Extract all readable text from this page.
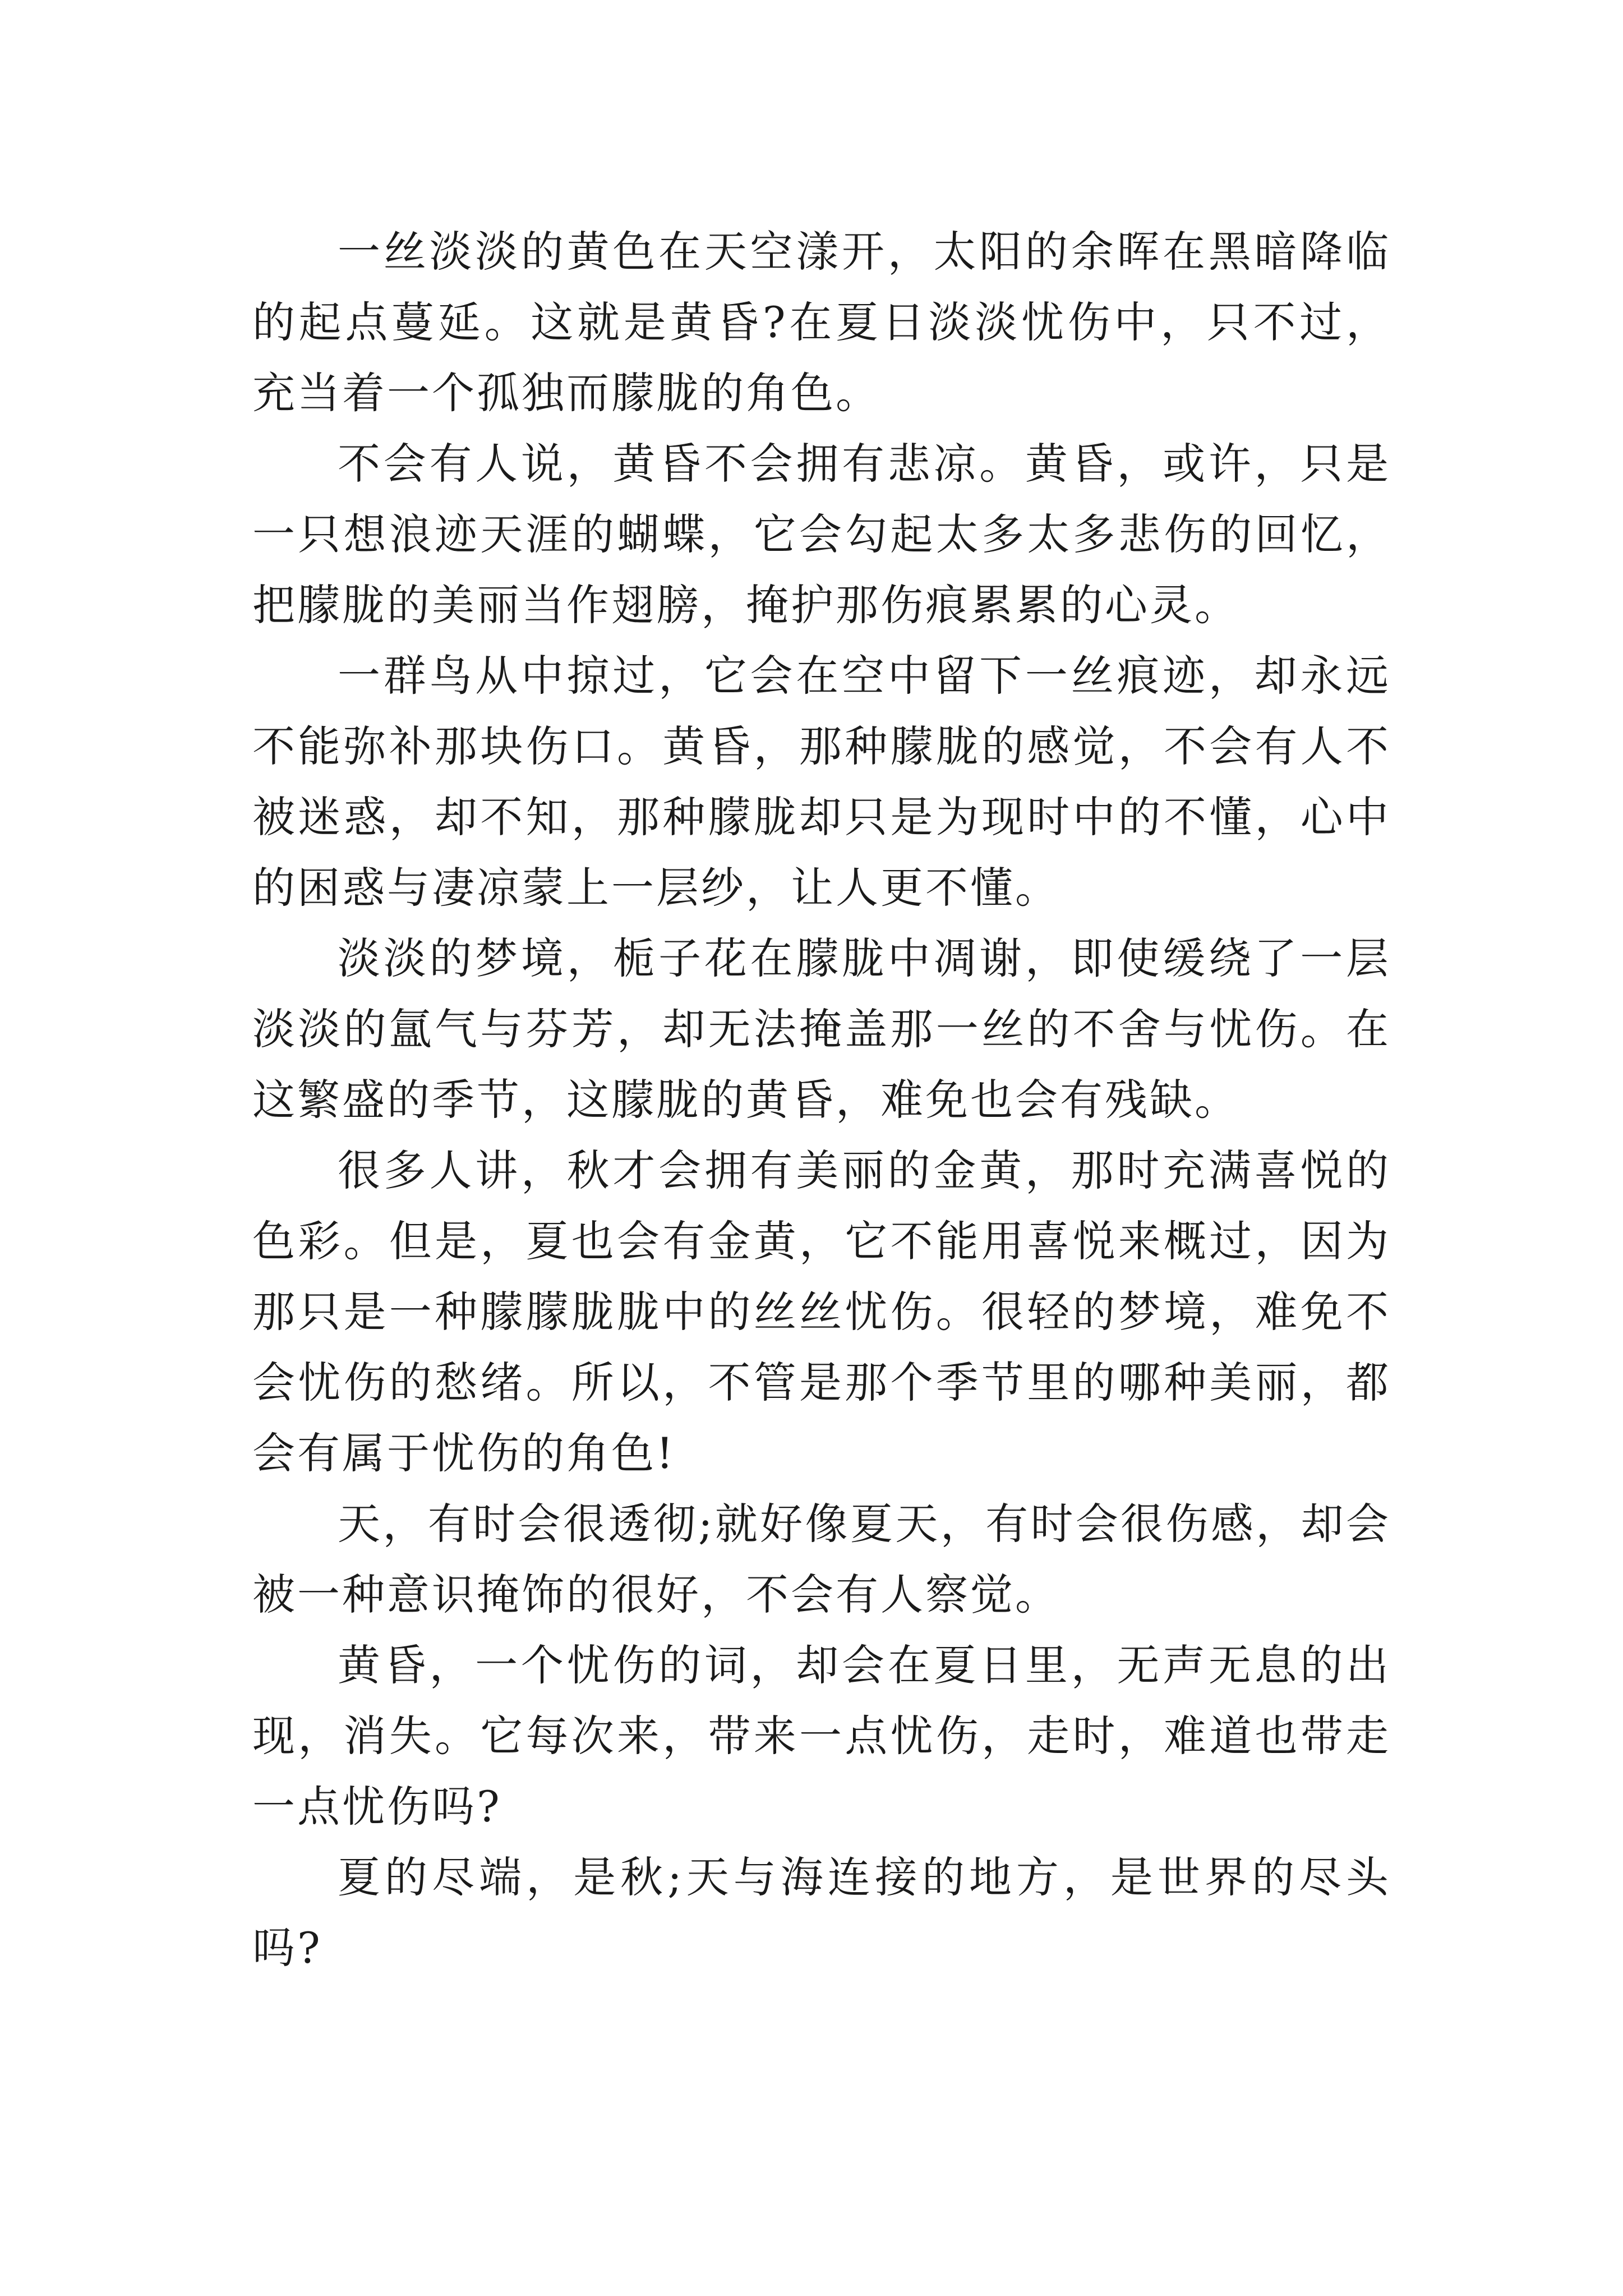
一丝淡淡的黄色在天空漾开，太阳的余晖在黑暗降临的起点蔓延。这就是黄昏?在夏日淡淡忧伤中，只不过，充当着一个孤独而朦胧的角色。

不会有人说，黄昏不会拥有悲凉。黄昏，或许，只是一只想浪迹天涯的蝴蝶，它会勾起太多太多悲伤的回忆，把朦胧的美丽当作翅膀，掩护那伤痕累累的心灵。

一群鸟从中掠过，它会在空中留下一丝痕迹，却永远不能弥补那块伤口。黄昏，那种朦胧的感觉，不会有人不被迷惑，却不知，那种朦胧却只是为现时中的不懂，心中的困惑与凄凉蒙上一层纱，让人更不懂。

淡淡的梦境，栀子花在朦胧中凋谢，即使缓绕了一层淡淡的氲气与芬芳，却无法掩盖那一丝的不舍与忧伤。在这繁盛的季节，这朦胧的黄昏，难免也会有残缺。

很多人讲，秋才会拥有美丽的金黄，那时充满喜悦的色彩。但是，夏也会有金黄，它不能用喜悦来概过，因为那只是一种朦朦胧胧中的丝丝忧伤。很轻的梦境，难免不会忧伤的愁绪。所以，不管是那个季节里的哪种美丽，都会有属于忧伤的角色!

天，有时会很透彻;就好像夏天，有时会很伤感，却会被一种意识掩饰的很好，不会有人察觉。

黄昏，一个忧伤的词，却会在夏日里，无声无息的出现，消失。它每次来，带来一点忧伤，走时，难道也带走一点忧伤吗?

夏的尽端，是秋;天与海连接的地方，是世界的尽头吗?
